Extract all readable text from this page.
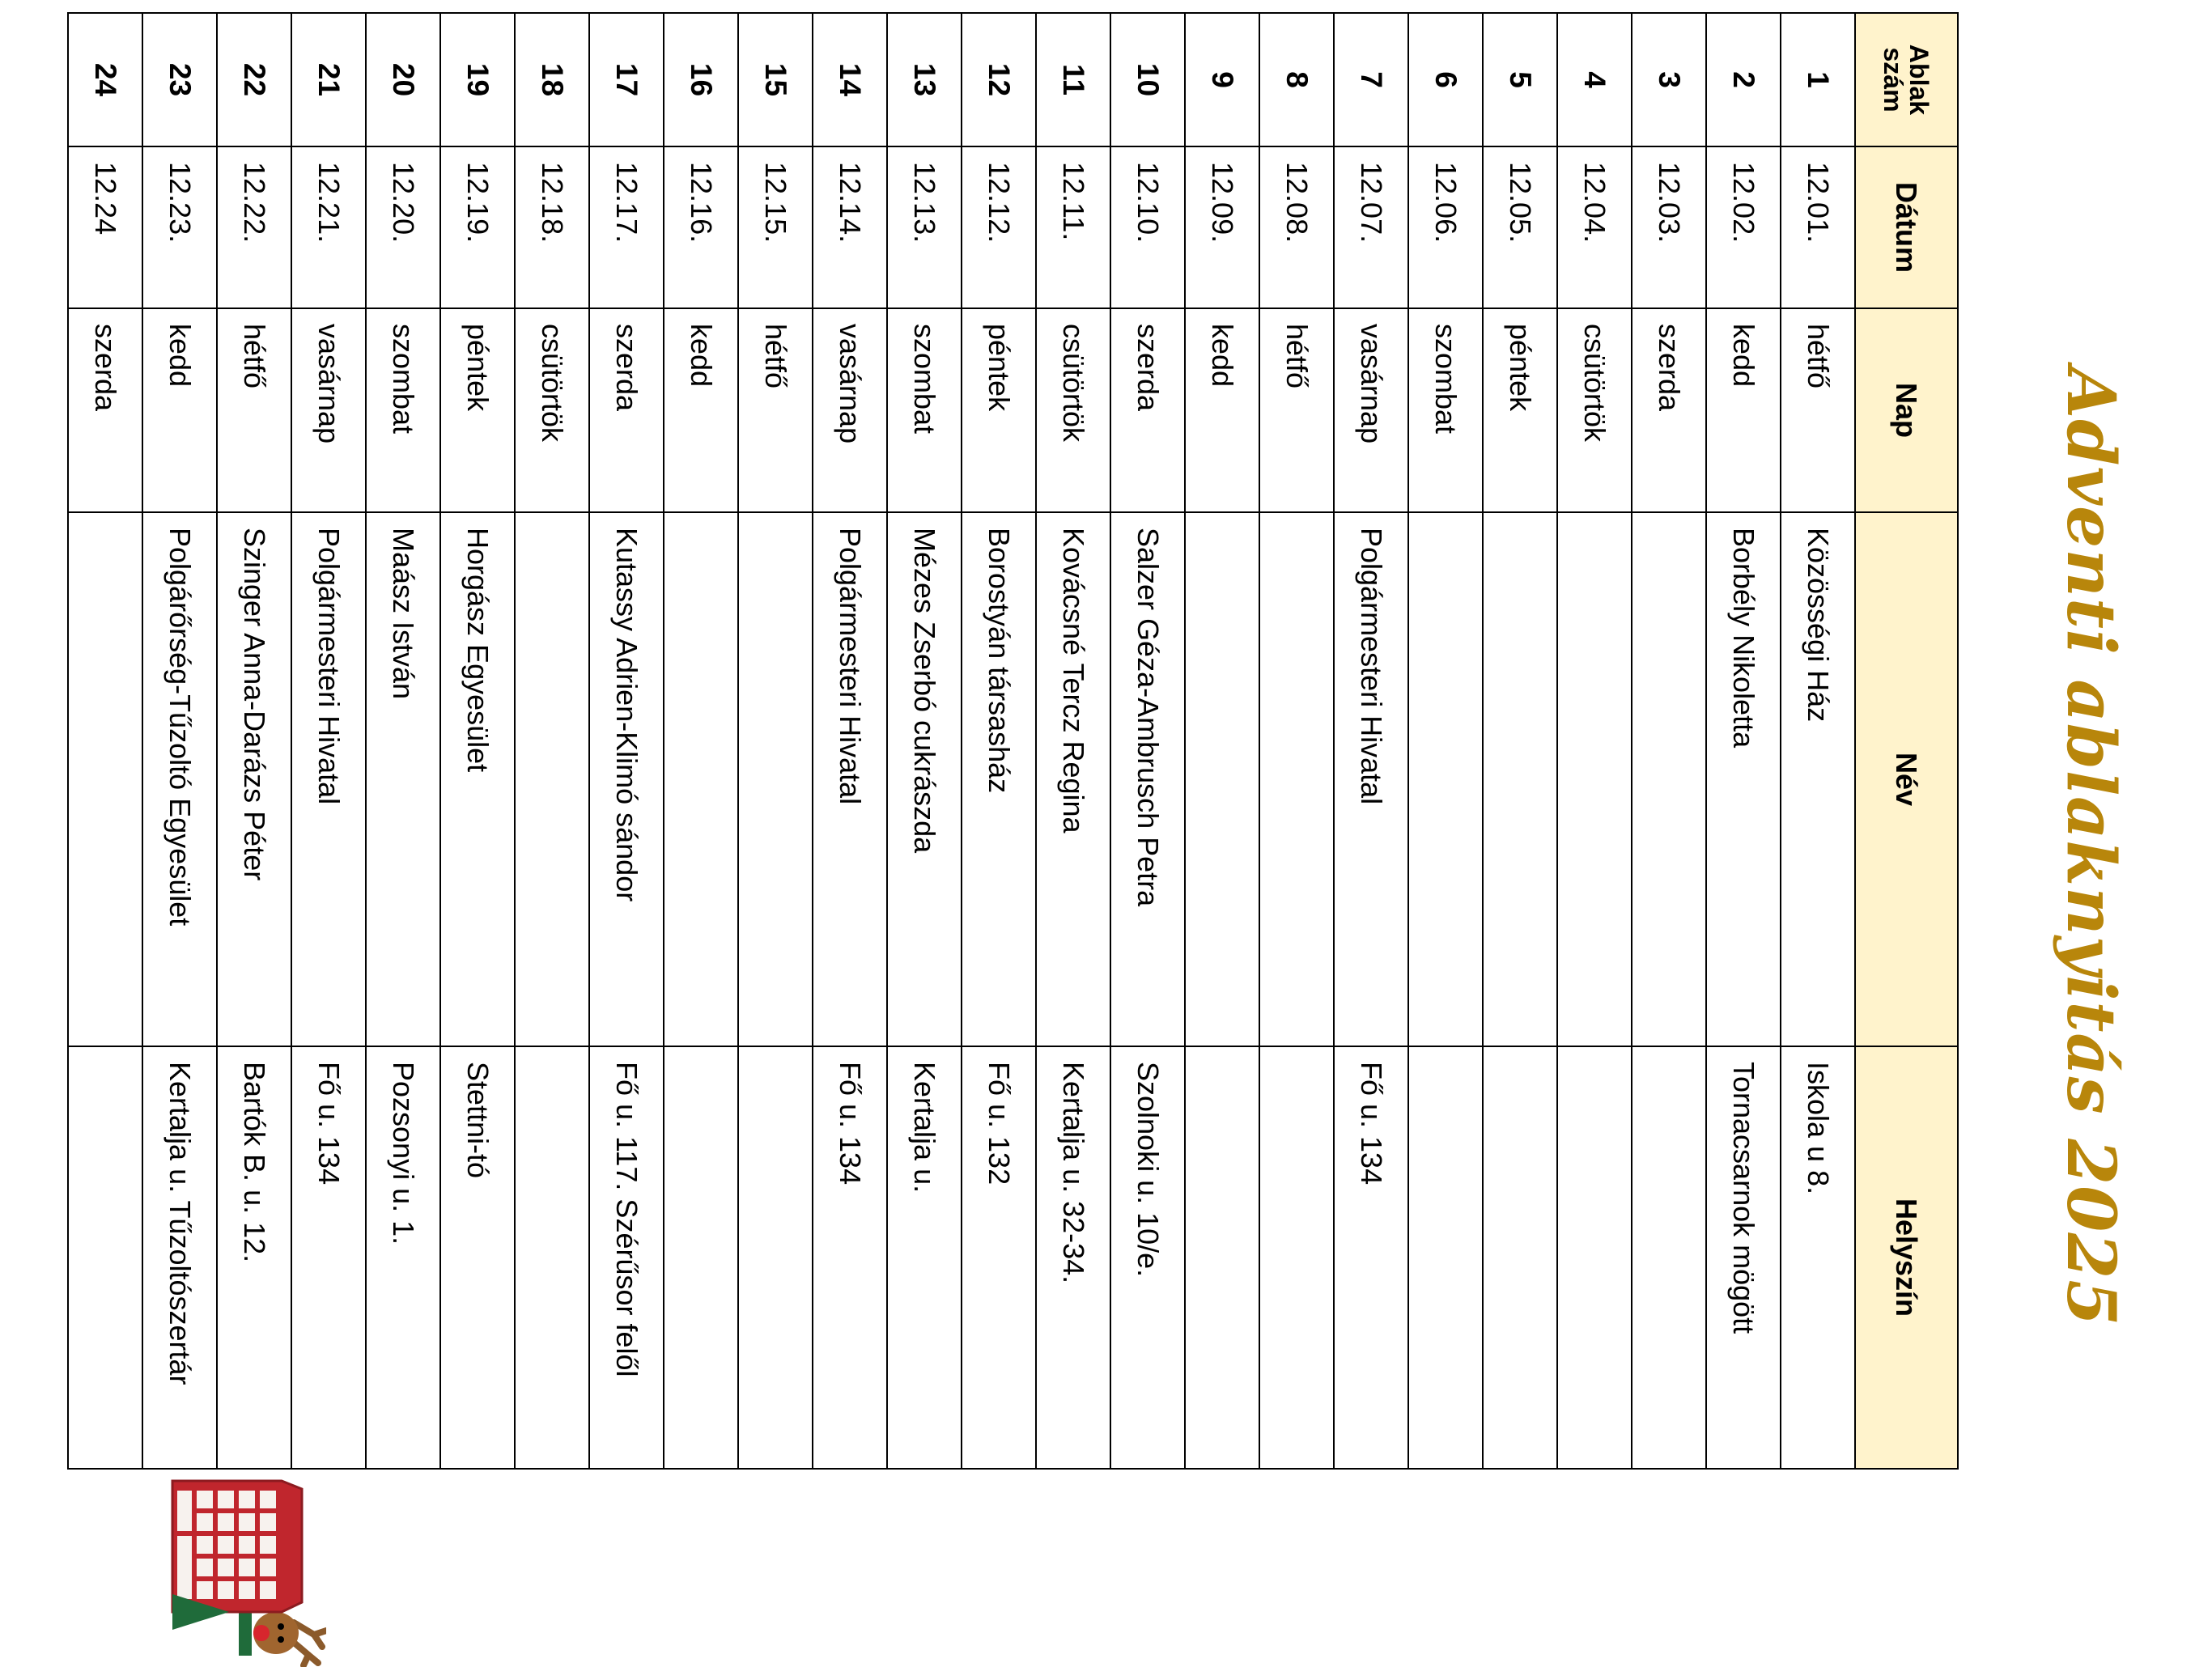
Adventi ablaknyitás 2025
Ablak szám	Dátum	Nap	Név	Helyszín
1	12.01.	hétfő	Közösségi Ház	Iskola u 8.
2	12.02.	kedd	Borbély Nikoletta	Tornacsarnok mögött
3	12.03.	szerda		
4	12.04.	csütörtök		
5	12.05.	péntek		
6	12.06.	szombat		
7	12.07.	vasárnap	Polgármesteri Hivatal	Fő u. 134
8	12.08.	hétfő		
9	12.09.	kedd		
10	12.10.	szerda	Salzer Géza-Ambrusch Petra	Szolnoki u. 10/e.
11	12.11.	csütörtök	Kovácsné Tercz Regina	Kertalja u. 32-34.
12	12.12.	péntek	Borostyán társasház	Fő u. 132
13	12.13.	szombat	Mézes Zserbó cukrászda	Kertalja u.
14	12.14.	vasárnap	Polgármesteri Hivatal	Fő u. 134
15	12.15.	hétfő		
16	12.16.	kedd		
17	12.17.	szerda	Kutassy Adrien-Klimó sándor	Fő u. 117. Szérűsor felől
18	12.18.	csütörtök		
19	12.19.	péntek	Horgász Egyesület	Stettni-tó
20	12.20.	szombat	Maász István	Pozsonyi u. 1.
21	12.21.	vasárnap	Polgármesteri Hivatal	Fő u. 134
22	12.22.	hétfő	Szinger Anna-Darázs Péter	Bartók B. u. 12.
23	12.23.	kedd	Polgárőrség-Tűzoltó Egyesület	Kertalja u. Tűzoltószertár
24	12.24	szerda		
